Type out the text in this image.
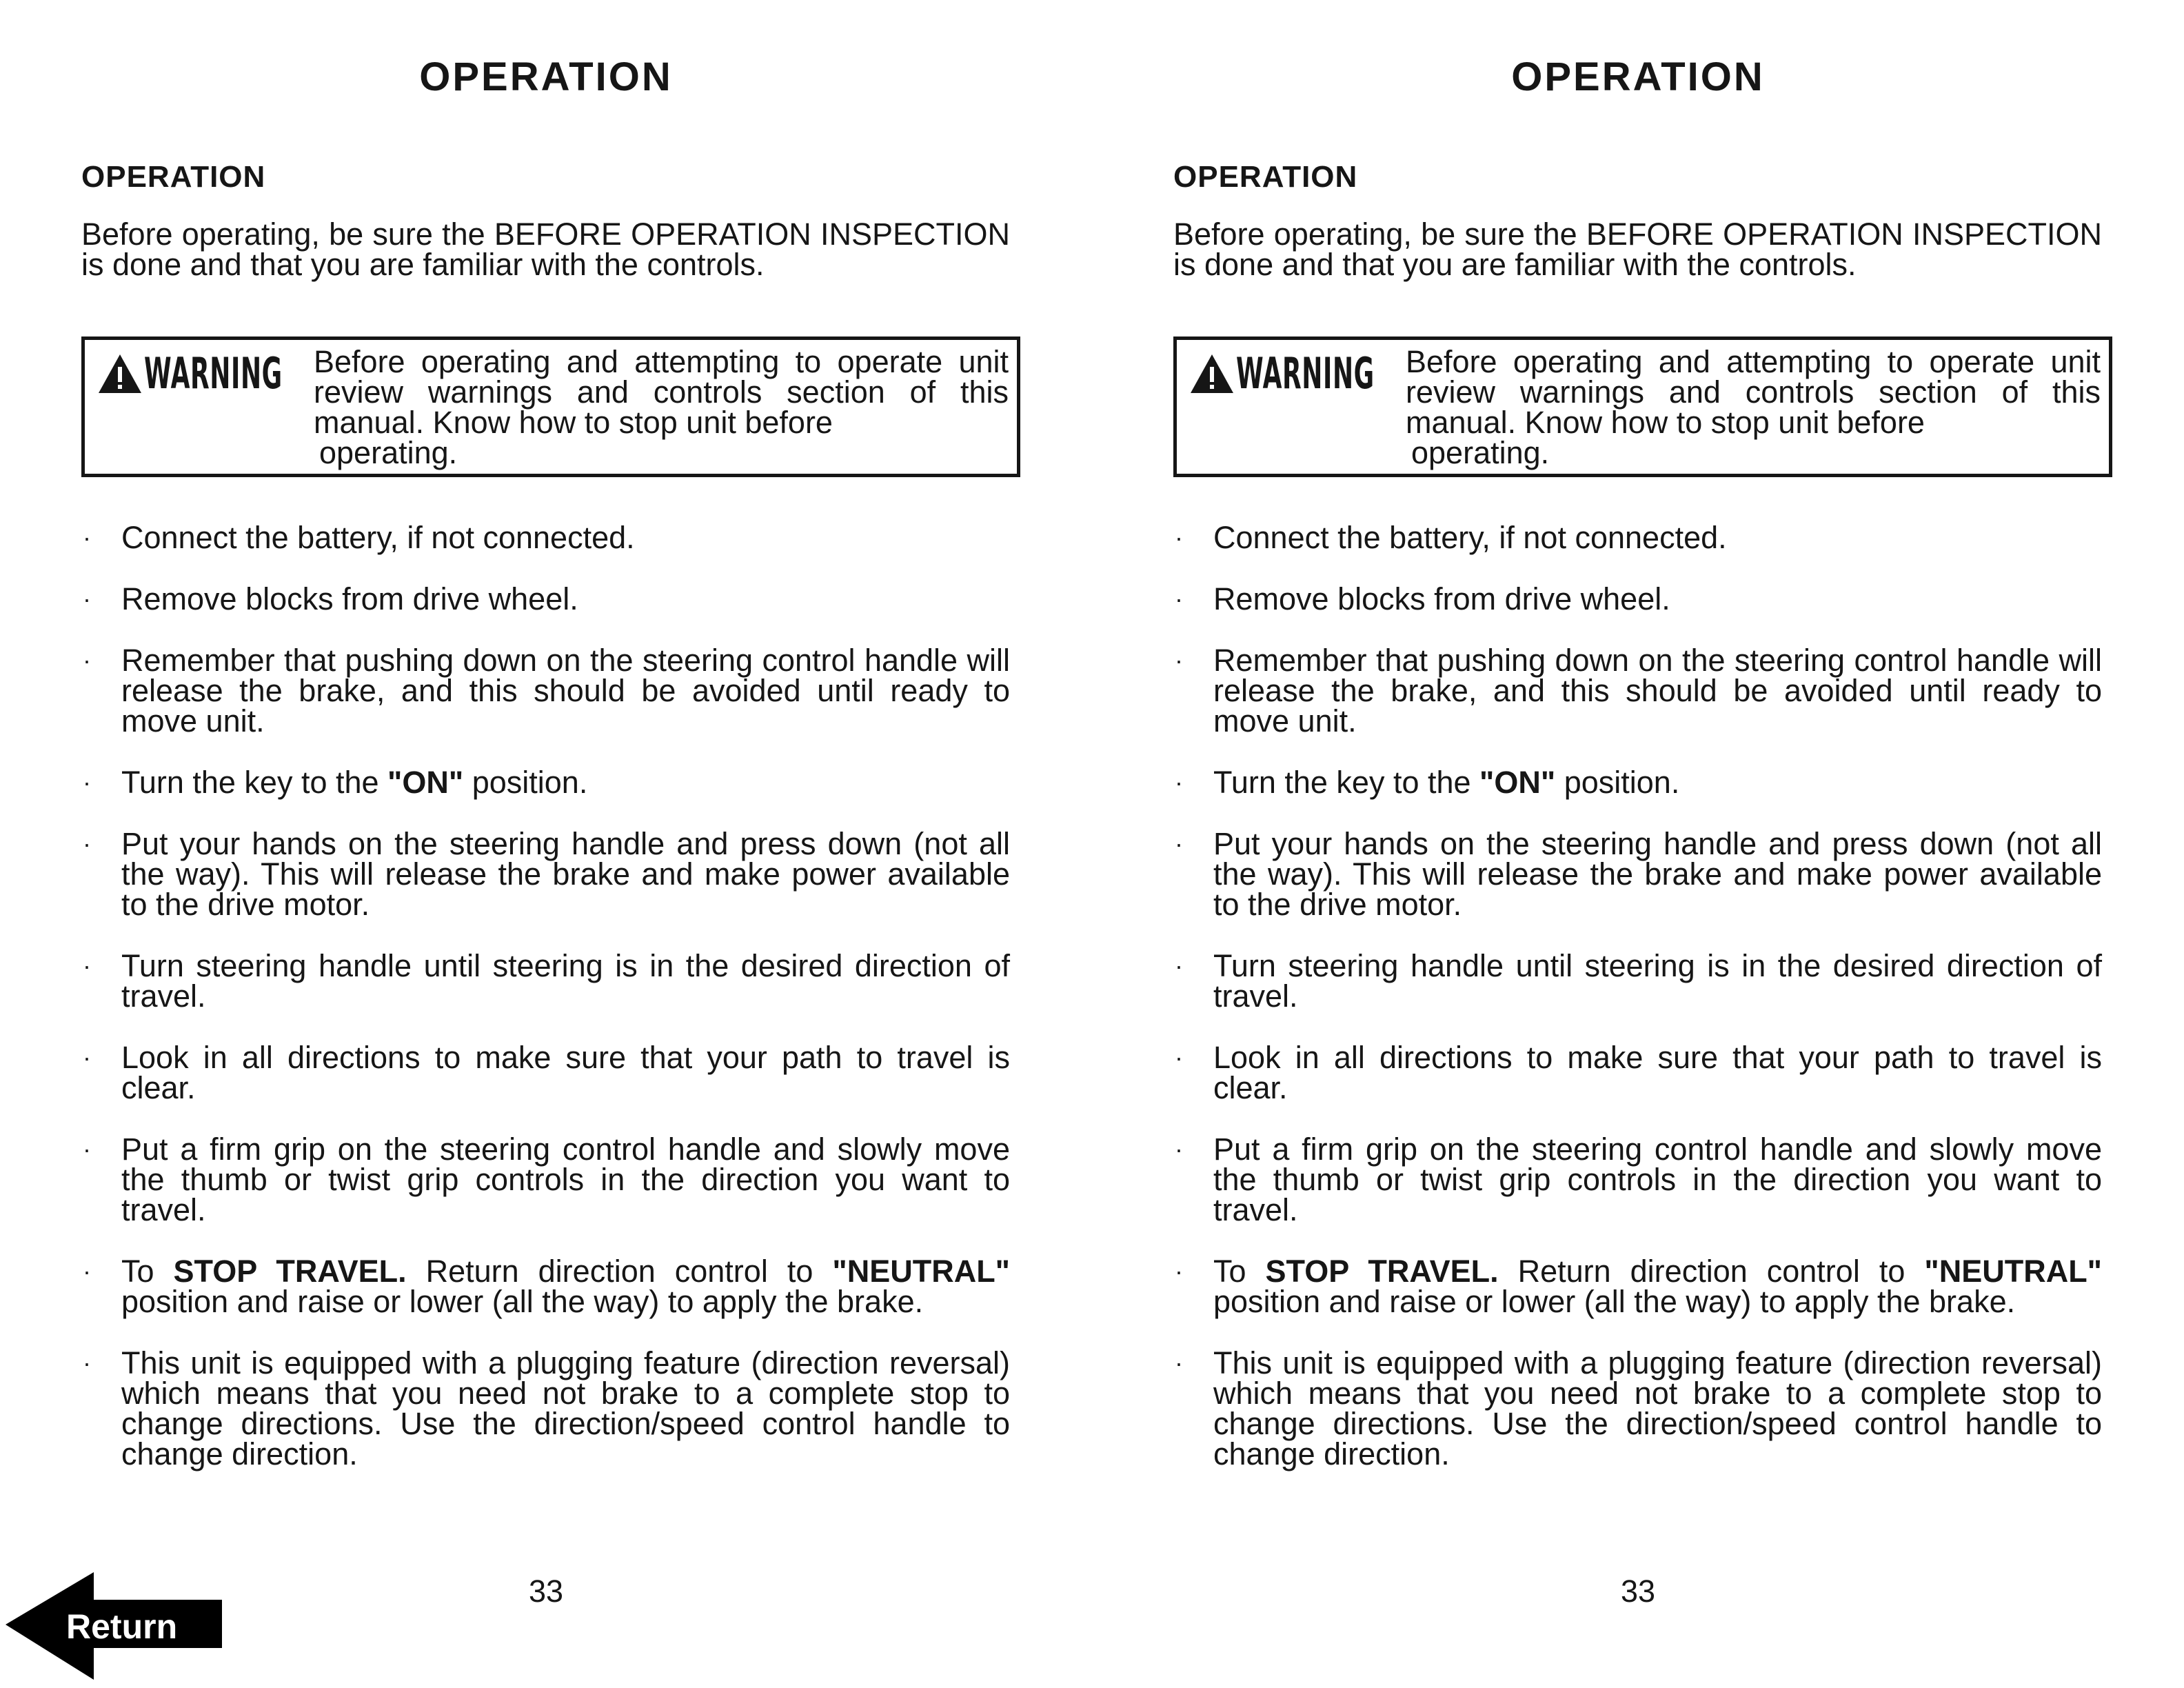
OPERATION
OPERATION
Before operating, be sure the BEFORE OPERATION INSPECTION is done and that you are familiar with the controls.
WARNING Before operating and attempting to operate unit
review warnings and controls section of this
manual. Know how to stop unit before
operating.
· Connect the battery, if not connected.
· Remove blocks from drive wheel.
· Remember that pushing down on the steering control handle will release the brake, and this should be avoided until ready to move unit.
· Turn the key to the "ON" position.
· Put your hands on the steering handle and press down (not all the way). This will release the brake and make power available to the drive motor.
· Turn steering handle until steering is in the desired direction of travel.
· Look in all directions to make sure that your path to travel is clear.
· Put a firm grip on the steering control handle and slowly move the thumb or twist grip controls in the direction you want to travel.
· To STOP TRAVEL. Return direction control to "NEUTRAL" position and raise or lower (all the way) to apply the brake.
· This unit is equipped with a plugging feature (direction reversal) which means that you need not brake to a complete stop to change directions. Use the direction/speed control handle to change direction.
33
OPERATION
OPERATION
Before operating, be sure the BEFORE OPERATION INSPECTION is done and that you are familiar with the controls.
WARNING Before operating and attempting to operate unit
review warnings and controls section of this
manual. Know how to stop unit before
operating.
· Connect the battery, if not connected.
· Remove blocks from drive wheel.
· Remember that pushing down on the steering control handle will release the brake, and this should be avoided until ready to move unit.
· Turn the key to the "ON" position.
· Put your hands on the steering handle and press down (not all the way). This will release the brake and make power available to the drive motor.
· Turn steering handle until steering is in the desired direction of travel.
· Look in all directions to make sure that your path to travel is clear.
· Put a firm grip on the steering control handle and slowly move the thumb or twist grip controls in the direction you want to travel.
· To STOP TRAVEL. Return direction control to "NEUTRAL" position and raise or lower (all the way) to apply the brake.
· This unit is equipped with a plugging feature (direction reversal) which means that you need not brake to a complete stop to change directions. Use the direction/speed control handle to change direction.
33
Return
